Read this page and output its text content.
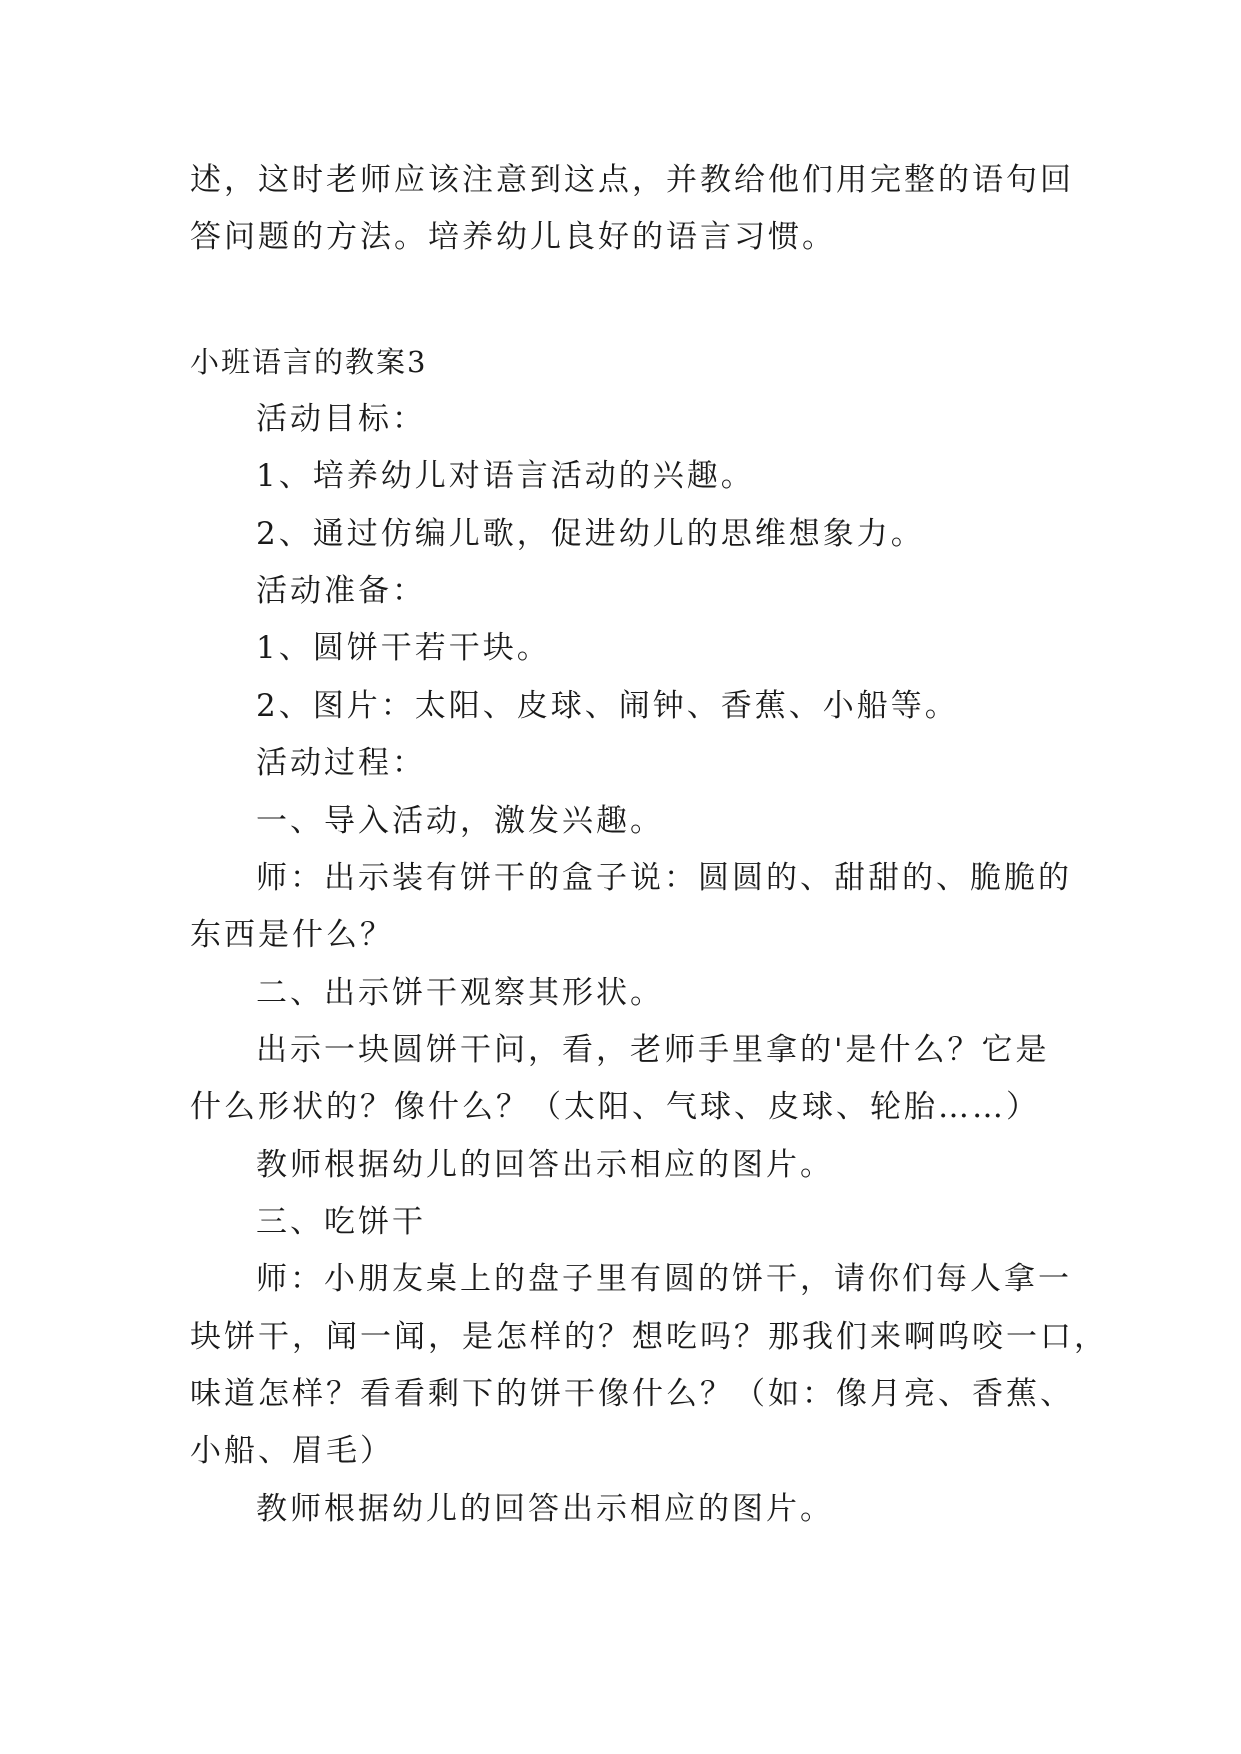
述，这时老师应该注意到这点，并教给他们用完整的语句回

答问题的方法。培养幼儿良好的语言习惯。

小班语言的教案3

活动目标：

1、培养幼儿对语言活动的兴趣。

2、通过仿编儿歌，促进幼儿的思维想象力。

活动准备：

1、圆饼干若干块。

2、图片：太阳、皮球、闹钟、香蕉、小船等。

活动过程：

一、导入活动，激发兴趣。

师：出示装有饼干的盒子说：圆圆的、甜甜的、脆脆的

东西是什么？

二、出示饼干观察其形状。

出示一块圆饼干问，看，老师手里拿的'是什么？它是

什么形状的？像什么？（太阳、气球、皮球、轮胎……）

教师根据幼儿的回答出示相应的图片。

三、吃饼干

师：小朋友桌上的盘子里有圆的饼干，请你们每人拿一

块饼干，闻一闻，是怎样的？想吃吗？那我们来啊呜咬一口，

味道怎样？看看剩下的饼干像什么？（如：像月亮、香蕉、

小船、眉毛）

教师根据幼儿的回答出示相应的图片。
